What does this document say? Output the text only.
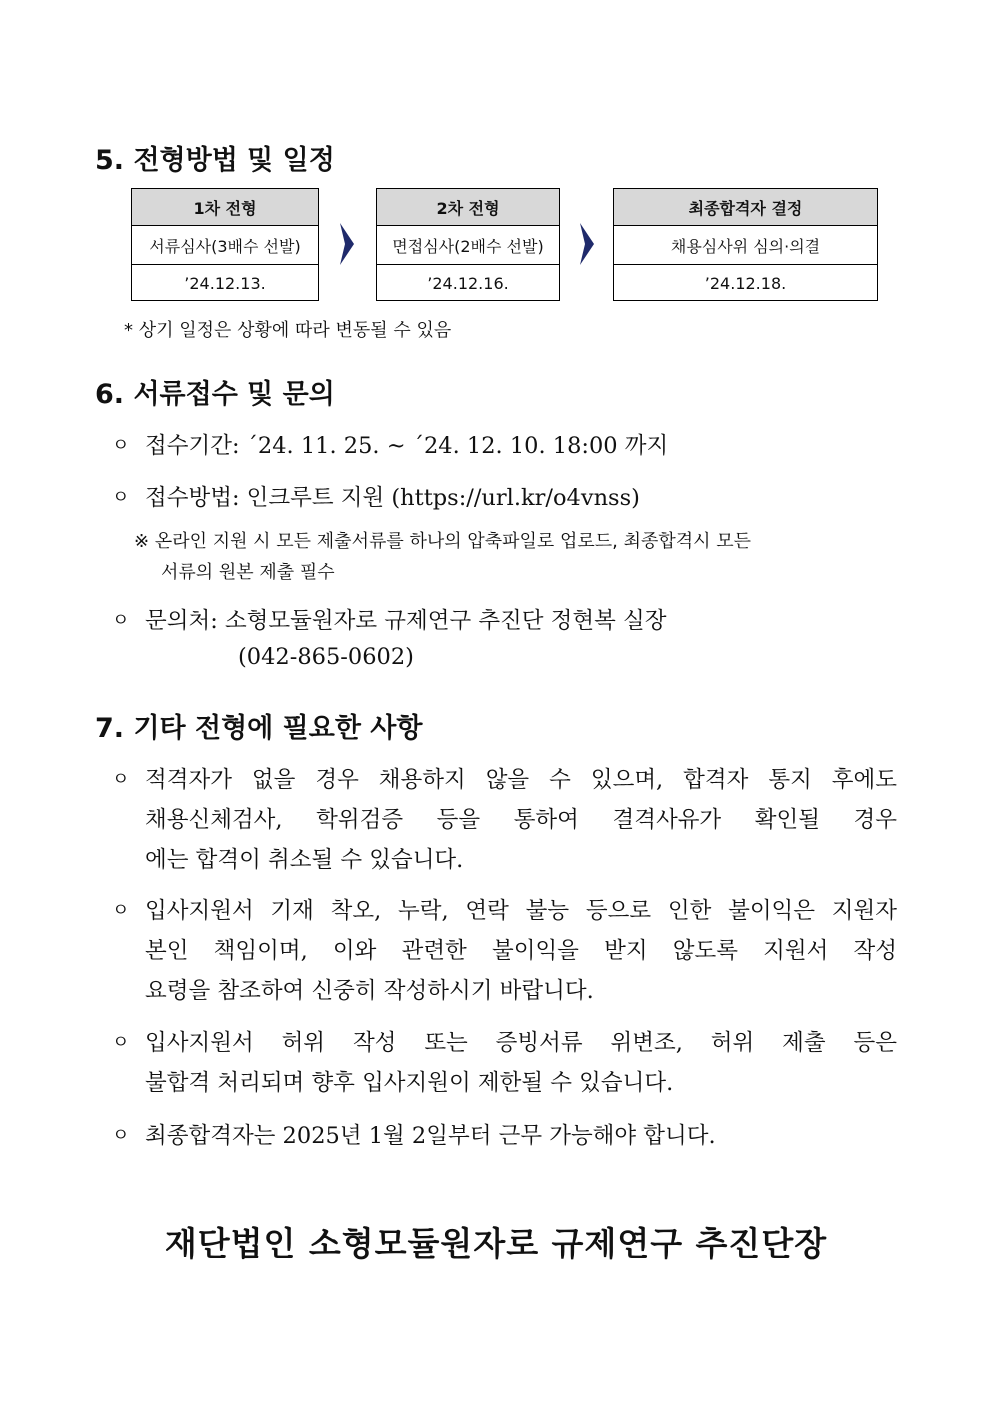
5. 전형방법 및 일정
1차 전형
서류심사(3배수 선발)
’24.12.13.
2차 전형
면접심사(2배수 선발)
’24.12.16.
최종합격자 결정
채용심사위 심의·의결
’24.12.18.
* 상기 일정은 상황에 따라 변동될 수 있음
6. 서류접수 및 문의
ㅇ 접수기간: ´24. 11. 25. ~ ´24. 12. 10. 18:00 까지
ㅇ 접수방법: 인크루트 지원 (https://url.kr/o4vnss)
※ 온라인 지원 시 모든 제출서류를 하나의 압축파일로 업로드, 최종합격시 모든
서류의 원본 제출 필수
ㅇ 문의처: 소형모듈원자로 규제연구 추진단 정현복 실장
(042-865-0602)
7. 기타 전형에 필요한 사항
ㅇ 적격자가 없을 경우 채용하지 않을 수 있으며, 합격자 통지 후에도
채용신체검사, 학위검증 등을 통하여 결격사유가 확인될 경우
에는 합격이 취소될 수 있습니다.
ㅇ 입사지원서 기재 착오, 누락, 연락 불능 등으로 인한 불이익은 지원자
본인 책임이며, 이와 관련한 불이익을 받지 않도록 지원서 작성
요령을 참조하여 신중히 작성하시기 바랍니다.
ㅇ 입사지원서 허위 작성 또는 증빙서류 위변조, 허위 제출 등은
불합격 처리되며 향후 입사지원이 제한될 수 있습니다.
ㅇ 최종합격자는 2025년 1월 2일부터 근무 가능해야 합니다.
재단법인 소형모듈원자로 규제연구 추진단장
